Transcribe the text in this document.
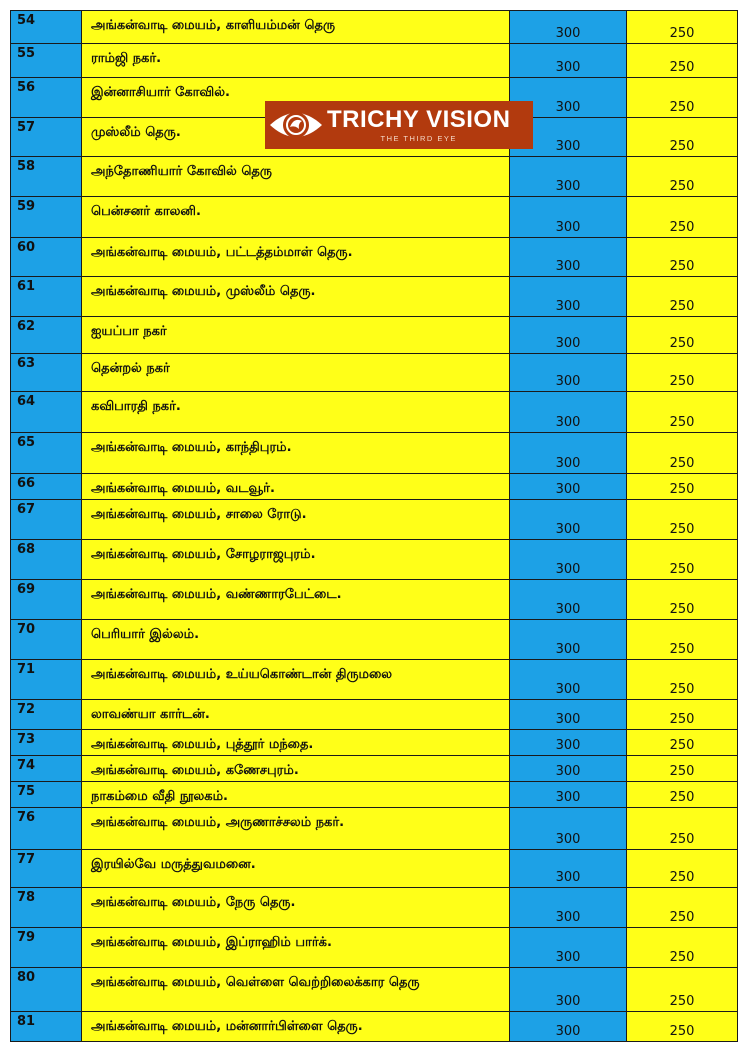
54	அங்கன்வாடி மையம், காளியம்மன் தெரு	300	250
55	ராம்ஜி நகர்.	300	250
56	இன்னாசியார் கோவில்.	300	250
57	முஸ்லீம் தெரு.	300	250
58	அந்தோணியார் கோவில் தெரு	300	250
59	பென்சனர் காலனி.	300	250
60	அங்கன்வாடி மையம், பட்டத்தம்மாள் தெரு.	300	250
61	அங்கன்வாடி மையம், முஸ்லீம் தெரு.	300	250
62	ஐயப்பா நகர்	300	250
63	தென்றல் நகர்	300	250
64	கவிபாரதி நகர்.	300	250
65	அங்கன்வாடி மையம், காந்திபுரம்.	300	250
66	அங்கன்வாடி மையம், வடவூர்.	300	250
67	அங்கன்வாடி மையம், சாலை ரோடு.	300	250
68	அங்கன்வாடி மையம், சோழராஜபுரம்.	300	250
69	அங்கன்வாடி மையம், வண்ணாரபேட்டை.	300	250
70	பெரியார் இல்லம்.	300	250
71	அங்கன்வாடி மையம், உய்யகொண்டான் திருமலை	300	250
72	லாவண்யா கார்டன்.	300	250
73	அங்கன்வாடி மையம், புத்தூர் மந்தை.	300	250
74	அங்கன்வாடி மையம், கணேசபுரம்.	300	250
75	நாகம்மை வீதி நூலகம்.	300	250
76	அங்கன்வாடி மையம், அருணாச்சலம் நகர்.	300	250
77	இரயில்வே மருத்துவமனை.	300	250
78	அங்கன்வாடி மையம், நேரு தெரு.	300	250
79	அங்கன்வாடி மையம், இப்ராஹிம் பார்க்.	300	250
80	அங்கன்வாடி மையம், வெள்ளை வெற்றிலைக்கார தெரு	300	250
81	அங்கன்வாடி மையம், மன்னார்பிள்ளை தெரு.	300	250
TRICHY VISION
THE THIRD EYE
